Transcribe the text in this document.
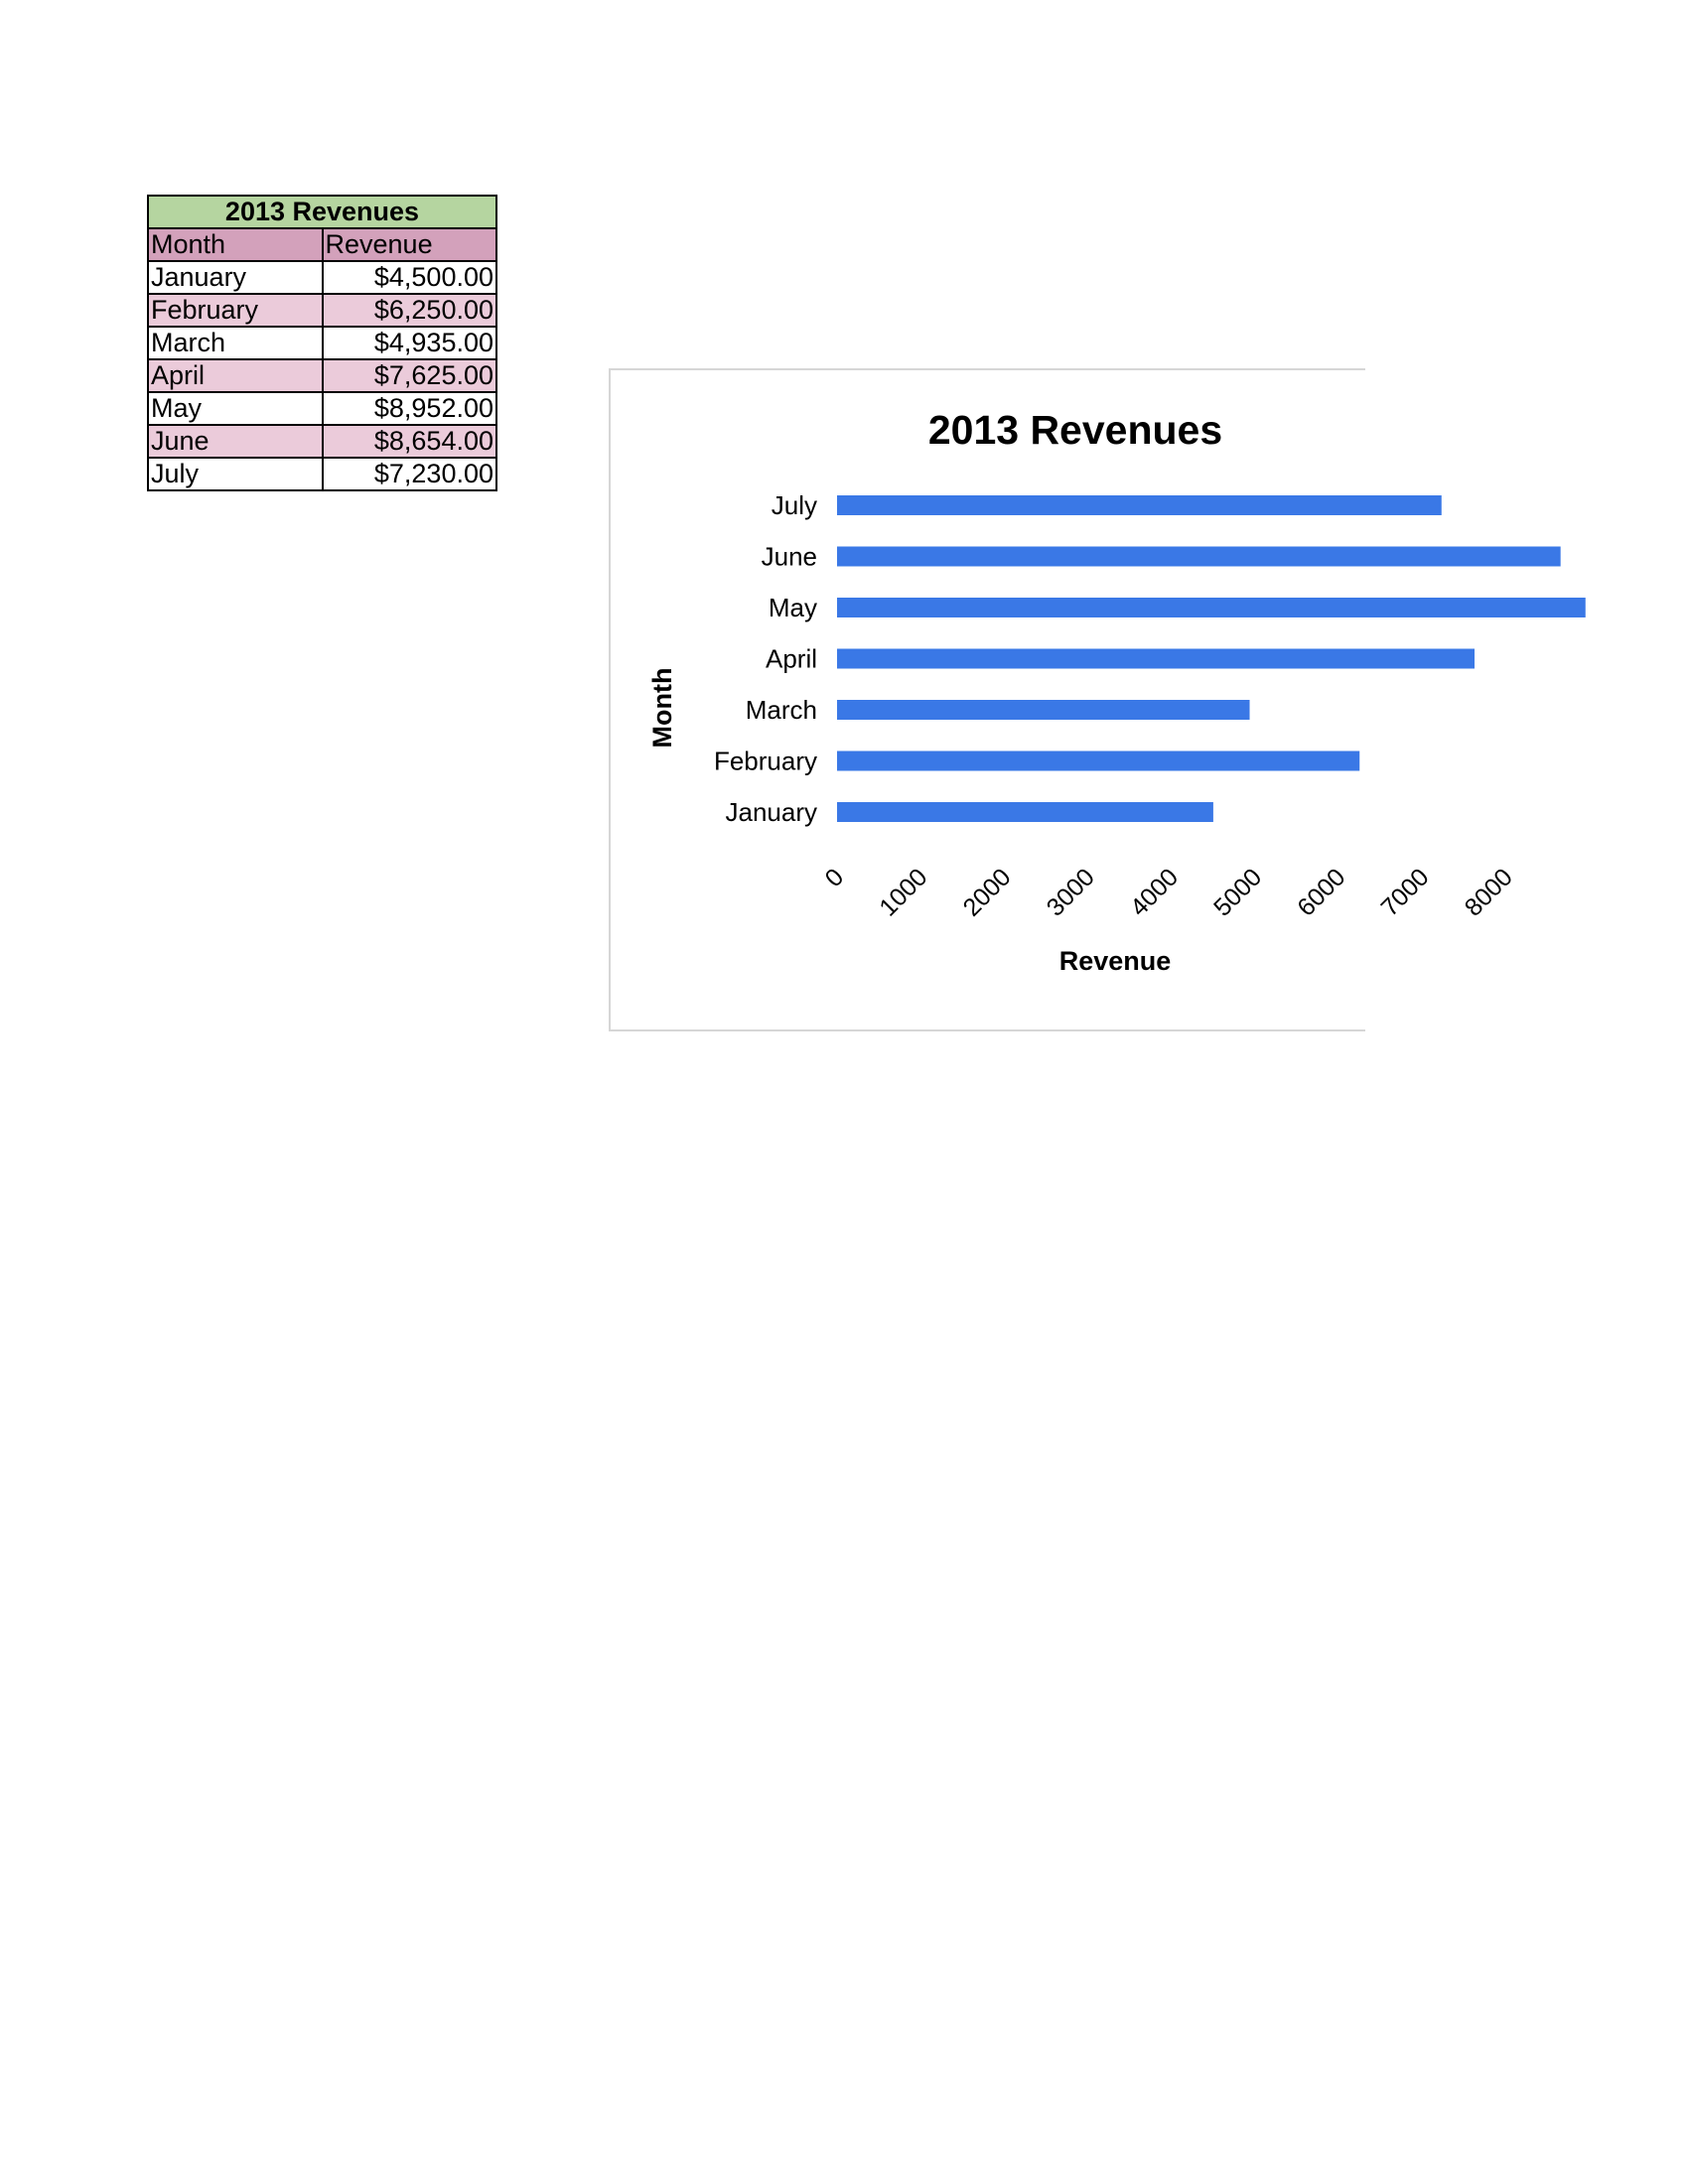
2013 Revenues	
Month	Revenue
January	$4,500.00
February	$6,250.00
March	$4,935.00
April	$7,625.00
May	$8,952.00
June	$8,654.00
July	$7,230.00
2013 Revenues
Month
Revenue
January
February
March
April
May
June
July
0 1000 2000 3000 4000 5000 6000 7000 8000
